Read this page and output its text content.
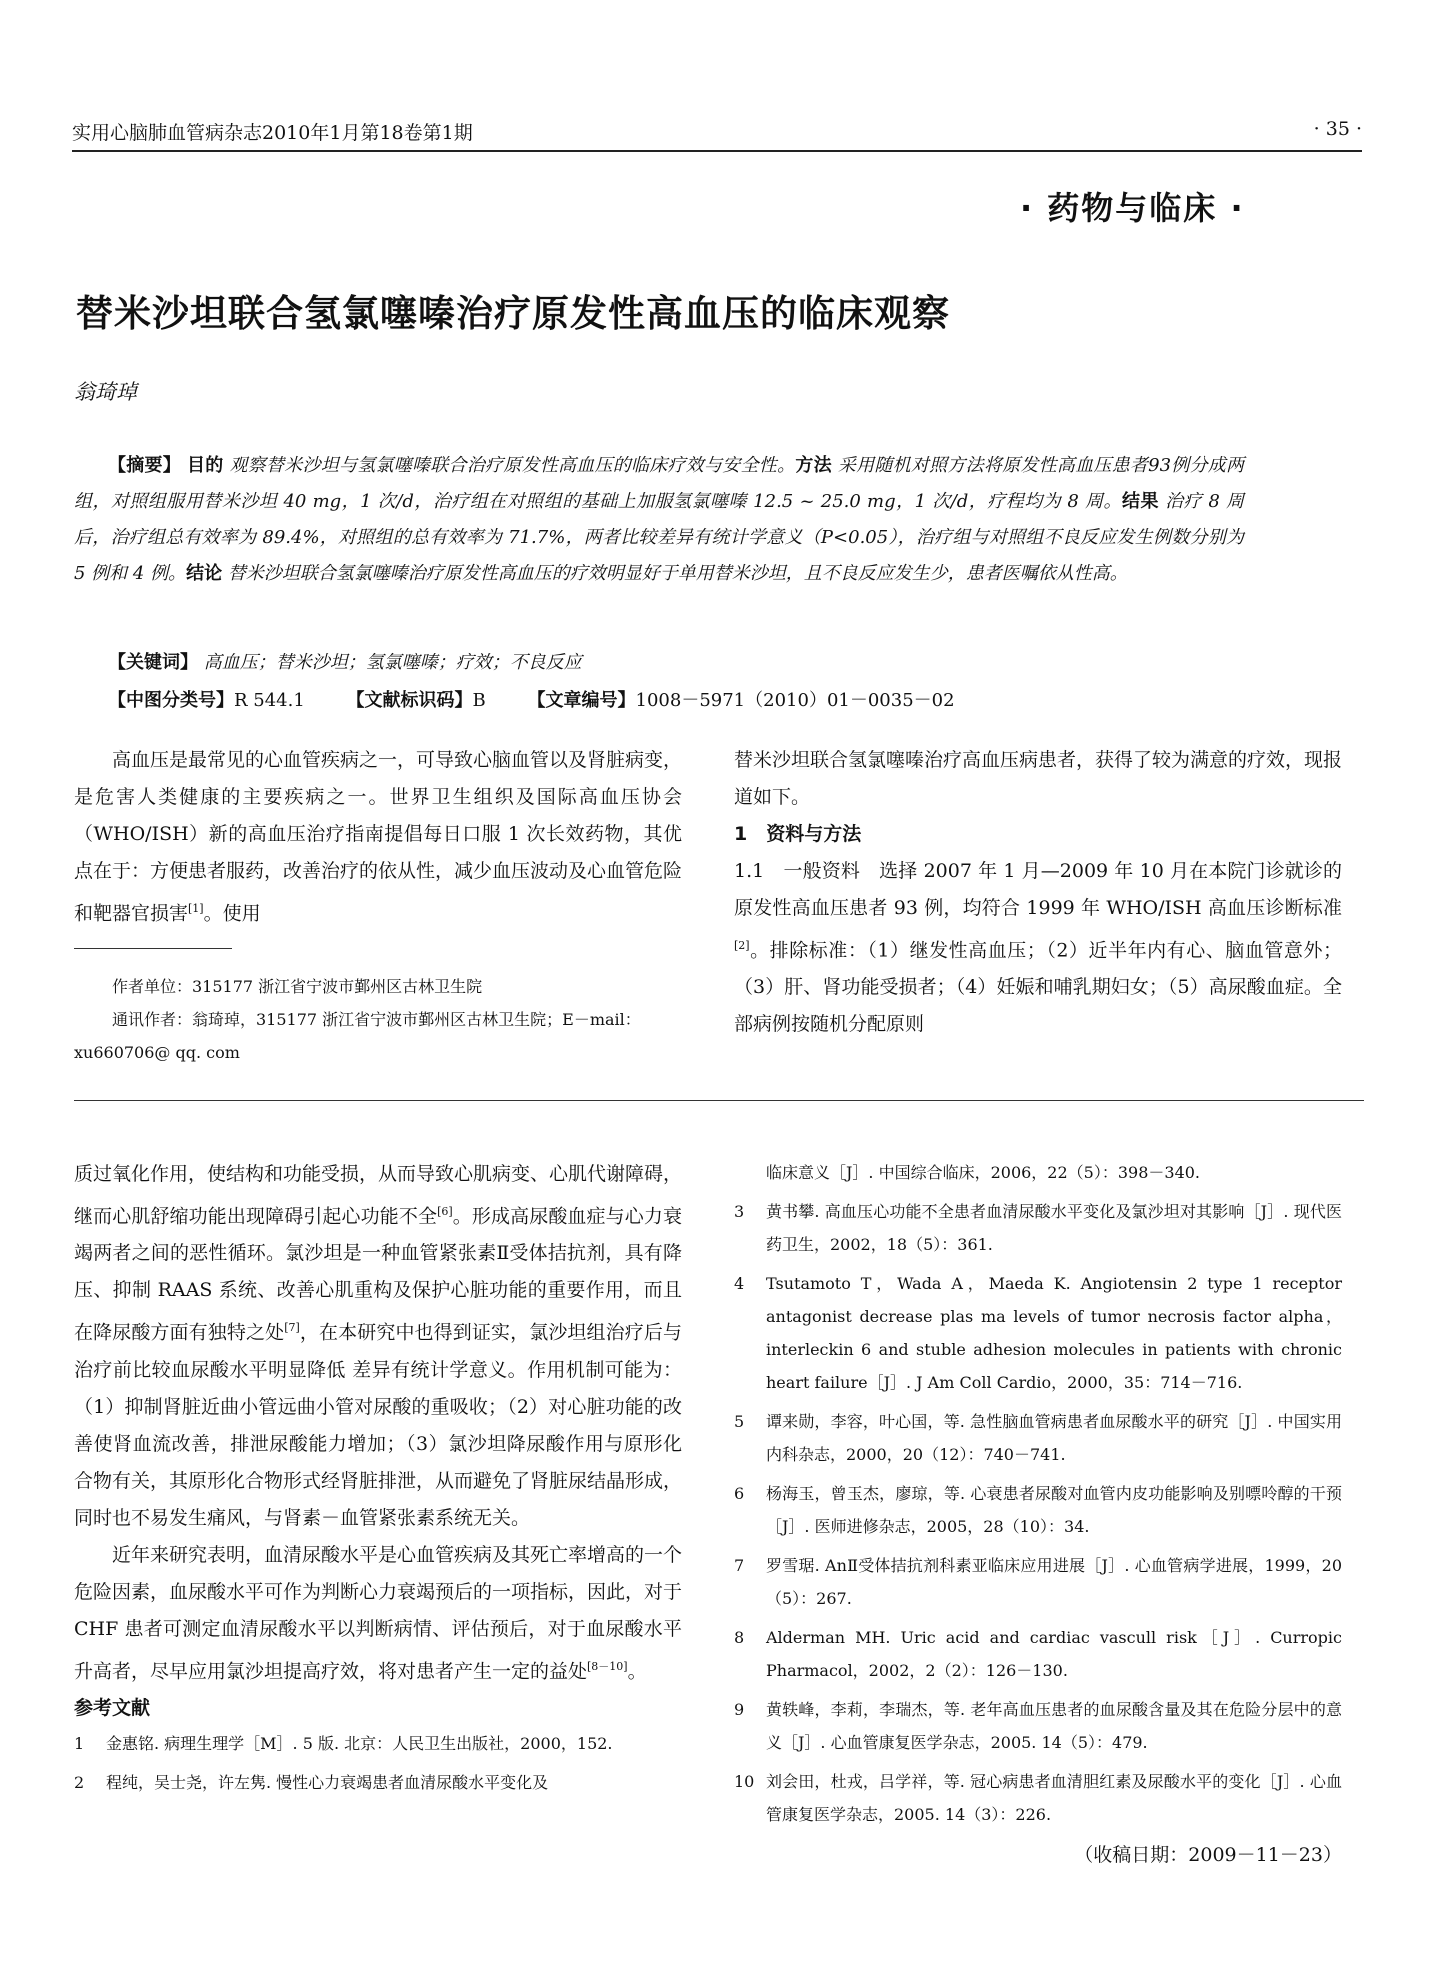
实用心脑肺血管病杂志2010年1月第18卷第1期	· 35 ·
· 药物与临床 ·
替米沙坦联合氢氯噻嗪治疗原发性高血压的临床观察
翁琦琸

【摘要】 目的 观察替米沙坦与氢氯噻嗪联合治疗原发性高血压的临床疗效与安全性。方法 采用随机对照方法将原发性高血压患者93例分成两组，对照组服用替米沙坦 40 mg，1 次/d，治疗组在对照组的基础上加服氢氯噻嗪 12.5 ~ 25.0 mg，1 次/d，疗程均为 8 周。结果 治疗 8 周后，治疗组总有效率为 89.4%，对照组的总有效率为 71.7%，两者比较差异有统计学意义（P<0.05），治疗组与对照组不良反应发生例数分别为 5 例和 4 例。结论 替米沙坦联合氢氯噻嗪治疗原发性高血压的疗效明显好于单用替米沙坦，且不良反应发生少，患者医嘱依从性高。

【关键词】 高血压；替米沙坦；氢氯噻嗪；疗效；不良反应
【中图分类号】R 544.1 【文献标识码】B 【文章编号】1008－5971（2010）01－0035－02

高血压是最常见的心血管疾病之一，可导致心脑血管以及肾脏病变，是危害人类健康的主要疾病之一。世界卫生组织及国际高血压协会（WHO/ISH）新的高血压治疗指南提倡每日口服 1 次长效药物，其优点在于：方便患者服药，改善治疗的依从性，减少血压波动及心血管危险和靶器官损害[1]。使用

作者单位：315177 浙江省宁波市鄞州区古林卫生院

通讯作者：翁琦琸，315177 浙江省宁波市鄞州区古林卫生院；E－mail：xu660706@ qq. com

替米沙坦联合氢氯噻嗪治疗高血压病患者，获得了较为满意的疗效，现报道如下。

1　资料与方法

1.1　一般资料　选择 2007 年 1 月—2009 年 10 月在本院门诊就诊的原发性高血压患者 93 例，均符合 1999 年 WHO/ISH 高血压诊断标准[2]。排除标准：（1）继发性高血压；（2）近半年内有心、脑血管意外；（3）肝、肾功能受损者；（4）妊娠和哺乳期妇女；（5）高尿酸血症。全部病例按随机分配原则

质过氧化作用，使结构和功能受损，从而导致心肌病变、心肌代谢障碍，继而心肌舒缩功能出现障碍引起心功能不全[6]。形成高尿酸血症与心力衰竭两者之间的恶性循环。氯沙坦是一种血管紧张素Ⅱ受体拮抗剂，具有降压、抑制 RAAS 系统、改善心肌重构及保护心脏功能的重要作用，而且在降尿酸方面有独特之处[7]，在本研究中也得到证实，氯沙坦组治疗后与治疗前比较血尿酸水平明显降低 差异有统计学意义。作用机制可能为：（1）抑制肾脏近曲小管远曲小管对尿酸的重吸收；（2）对心脏功能的改善使肾血流改善，排泄尿酸能力增加；（3）氯沙坦降尿酸作用与原形化合物有关，其原形化合物形式经肾脏排泄，从而避免了肾脏尿结晶形成，同时也不易发生痛风，与肾素－血管紧张素系统无关。

近年来研究表明，血清尿酸水平是心血管疾病及其死亡率增高的一个危险因素，血尿酸水平可作为判断心力衰竭预后的一项指标，因此，对于 CHF 患者可测定血清尿酸水平以判断病情、评估预后，对于血尿酸水平升高者，尽早应用氯沙坦提高疗效，将对患者产生一定的益处[8－10]。

参考文献

1	金惠铭. 病理生理学［M］. 5 版. 北京：人民卫生出版社，2000，152.
2	程纯，吴士尧，许左隽. 慢性心力衰竭患者血清尿酸水平变化及
临床意义［J］. 中国综合临床，2006，22（5）：398－340.
3	黄书攀. 高血压心功能不全患者血清尿酸水平变化及氯沙坦对其影响［J］. 现代医药卫生，2002，18（5）：361.
4	Tsutamoto T，Wada A，Maeda K. Angiotensin 2 type 1 receptor antagonist decrease plas ma levels of tumor necrosis factor alpha，interleckin 6 and stuble adhesion molecules in patients with chronic heart failure［J］. J Am Coll Cardio，2000，35：714－716.
5	谭来勋，李容，叶心国，等. 急性脑血管病患者血尿酸水平的研究［J］. 中国实用内科杂志，2000，20（12）：740－741.
6	杨海玉，曾玉杰，廖琼，等. 心衰患者尿酸对血管内皮功能影响及别嘌呤醇的干预［J］. 医师进修杂志，2005，28（10）：34.
7	罗雪琚. AnⅡ受体拮抗剂科素亚临床应用进展［J］. 心血管病学进展，1999，20（5）：267.
8	Alderman MH. Uric acid and cardiac vascull risk［J］. Curropic Pharmacol，2002，2（2）：126－130.
9	黄轶峰，李莉，李瑞杰，等. 老年高血压患者的血尿酸含量及其在危险分层中的意义［J］. 心血管康复医学杂志，2005. 14（5）：479.
10 刘会田，杜戎，吕学祥，等. 冠心病患者血清胆红素及尿酸水平的变化［J］. 心血管康复医学杂志，2005. 14（3）：226.

（收稿日期：2009－11－23）
